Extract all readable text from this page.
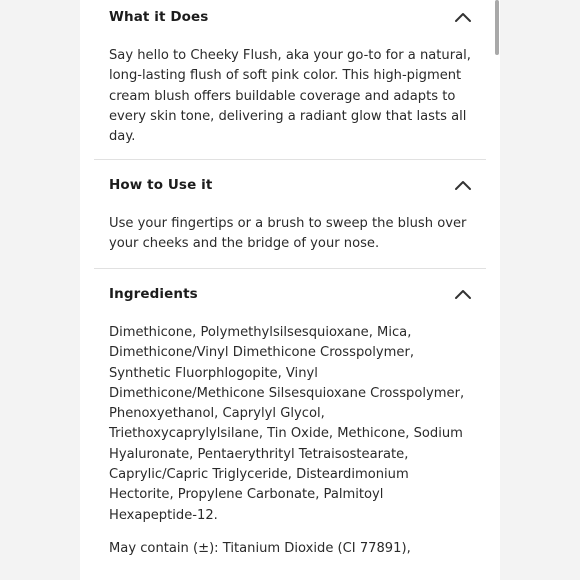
What it Does
Say hello to Cheeky Flush, aka your go-to for a natural,
long-lasting flush of soft pink color. This high-pigment
cream blush offers buildable coverage and adapts to
every skin tone, delivering a radiant glow that lasts all
day.
How to Use it
Use your fingertips or a brush to sweep the blush over
your cheeks and the bridge of your nose.
Ingredients
Dimethicone, Polymethylsilsesquioxane, Mica,
Dimethicone/Vinyl Dimethicone Crosspolymer,
Synthetic Fluorphlogopite, Vinyl
Dimethicone/Methicone Silsesquioxane Crosspolymer,
Phenoxyethanol, Caprylyl Glycol,
Triethoxycaprylylsilane, Tin Oxide, Methicone, Sodium
Hyaluronate, Pentaerythrityl Tetraisostearate,
Caprylic/Capric Triglyceride, Disteardimonium
Hectorite, Propylene Carbonate, Palmitoyl
Hexapeptide-12.
May contain (±): Titanium Dioxide (CI 77891),
